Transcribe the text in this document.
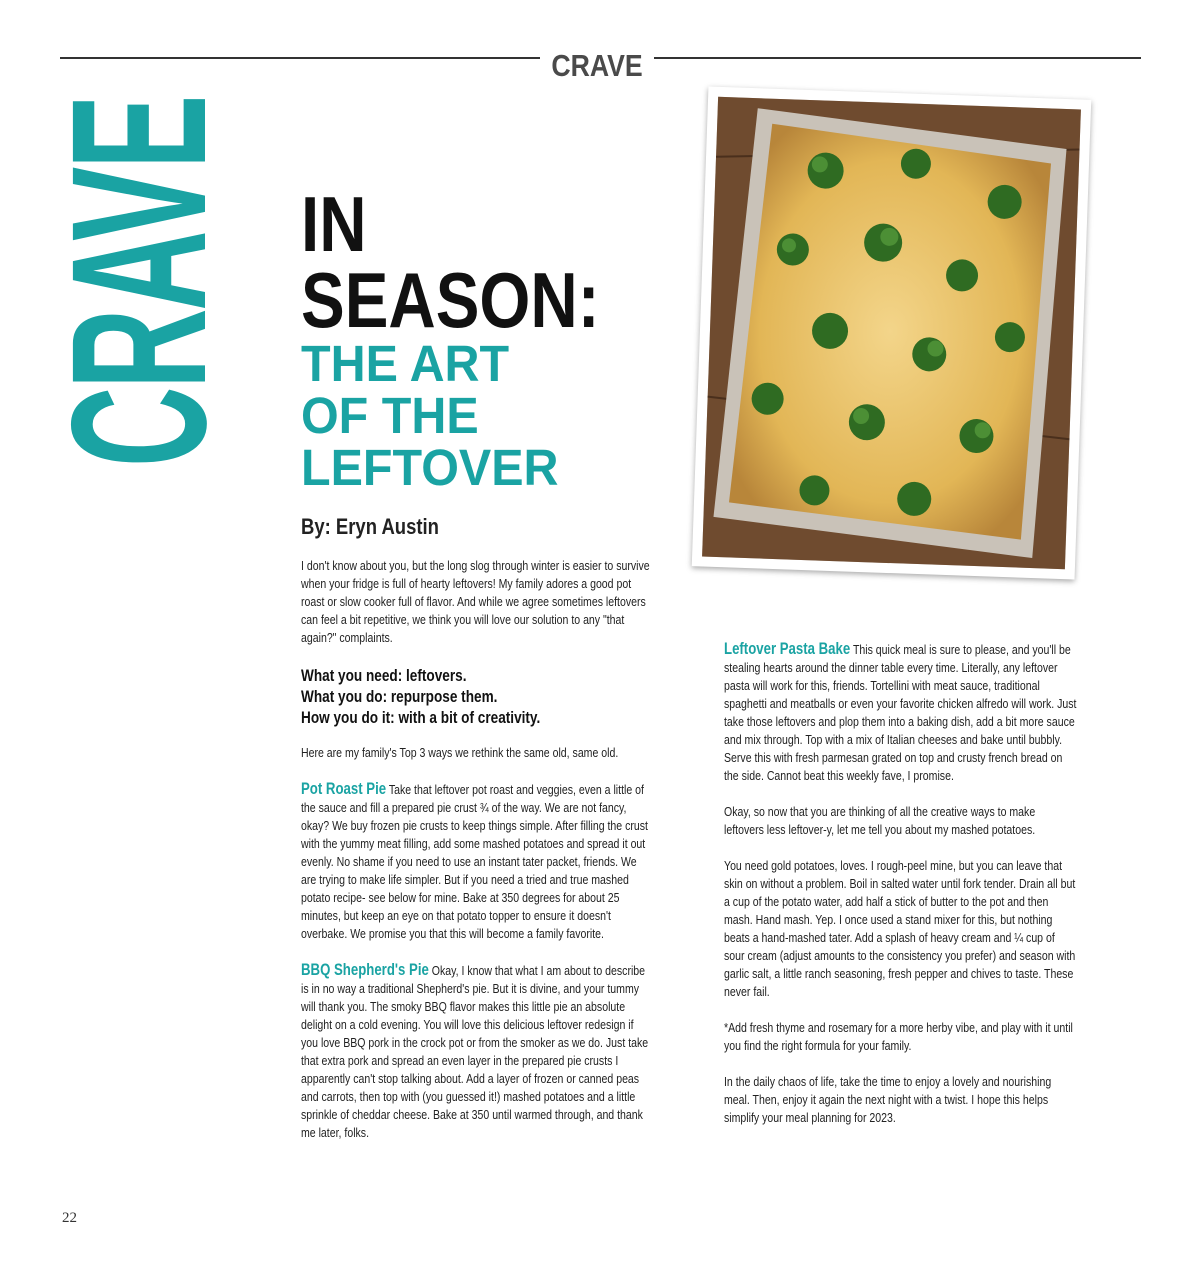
CRAVE
CRAVE IN
SEASON:
THE ART
OF THE
LEFTOVER
By: Eryn Austin

I don't know about you, but the long slog through winter is easier to survive when your fridge is full of hearty leftovers! My family adores a good pot roast or slow cooker full of flavor. And while we agree sometimes leftovers can feel a bit repetitive, we think you will love our solution to any "that again?" complaints.

What you need: leftovers.
What you do: repurpose them.
How you do it: with a bit of creativity.

Here are my family's Top 3 ways we rethink the same old, same old.

Pot Roast Pie Take that leftover pot roast and veggies, even a little of the sauce and fill a prepared pie crust ¾ of the way. We are not fancy, okay? We buy frozen pie crusts to keep things simple. After filling the crust with the yummy meat filling, add some mashed potatoes and spread it out evenly. No shame if you need to use an instant tater packet, friends. We are trying to make life simpler. But if you need a tried and true mashed potato recipe- see below for mine. Bake at 350 degrees for about 25 minutes, but keep an eye on that potato topper to ensure it doesn't overbake. We promise you that this will become a family favorite.

BBQ Shepherd's Pie Okay, I know that what I am about to describe is in no way a traditional Shepherd's pie. But it is divine, and your tummy will thank you. The smoky BBQ flavor makes this little pie an absolute delight on a cold evening. You will love this delicious leftover redesign if you love BBQ pork in the crock pot or from the smoker as we do. Just take that extra pork and spread an even layer in the prepared pie crusts I apparently can't stop talking about. Add a layer of frozen or canned peas and carrots, then top with (you guessed it!) mashed potatoes and a little sprinkle of cheddar cheese. Bake at 350 until warmed through, and thank me later, folks.

Leftover Pasta Bake This quick meal is sure to please, and you'll be stealing hearts around the dinner table every time. Literally, any leftover pasta will work for this, friends. Tortellini with meat sauce, traditional spaghetti and meatballs or even your favorite chicken alfredo will work. Just take those leftovers and plop them into a baking dish, add a bit more sauce and mix through. Top with a mix of Italian cheeses and bake until bubbly. Serve this with fresh parmesan grated on top and crusty french bread on the side. Cannot beat this weekly fave, I promise.

Okay, so now that you are thinking of all the creative ways to make leftovers less leftover-y, let me tell you about my mashed potatoes.

You need gold potatoes, loves. I rough-peel mine, but you can leave that skin on without a problem. Boil in salted water until fork tender. Drain all but a cup of the potato water, add half a stick of butter to the pot and then mash. Hand mash. Yep. I once used a stand mixer for this, but nothing beats a hand-mashed tater. Add a splash of heavy cream and ¼ cup of sour cream (adjust amounts to the consistency you prefer) and season with garlic salt, a little ranch seasoning, fresh pepper and chives to taste. These never fail.

*Add fresh thyme and rosemary for a more herby vibe, and play with it until you find the right formula for your family.

In the daily chaos of life, take the time to enjoy a lovely and nourishing meal. Then, enjoy it again the next night with a twist. I hope this helps simplify your meal planning for 2023.

22
